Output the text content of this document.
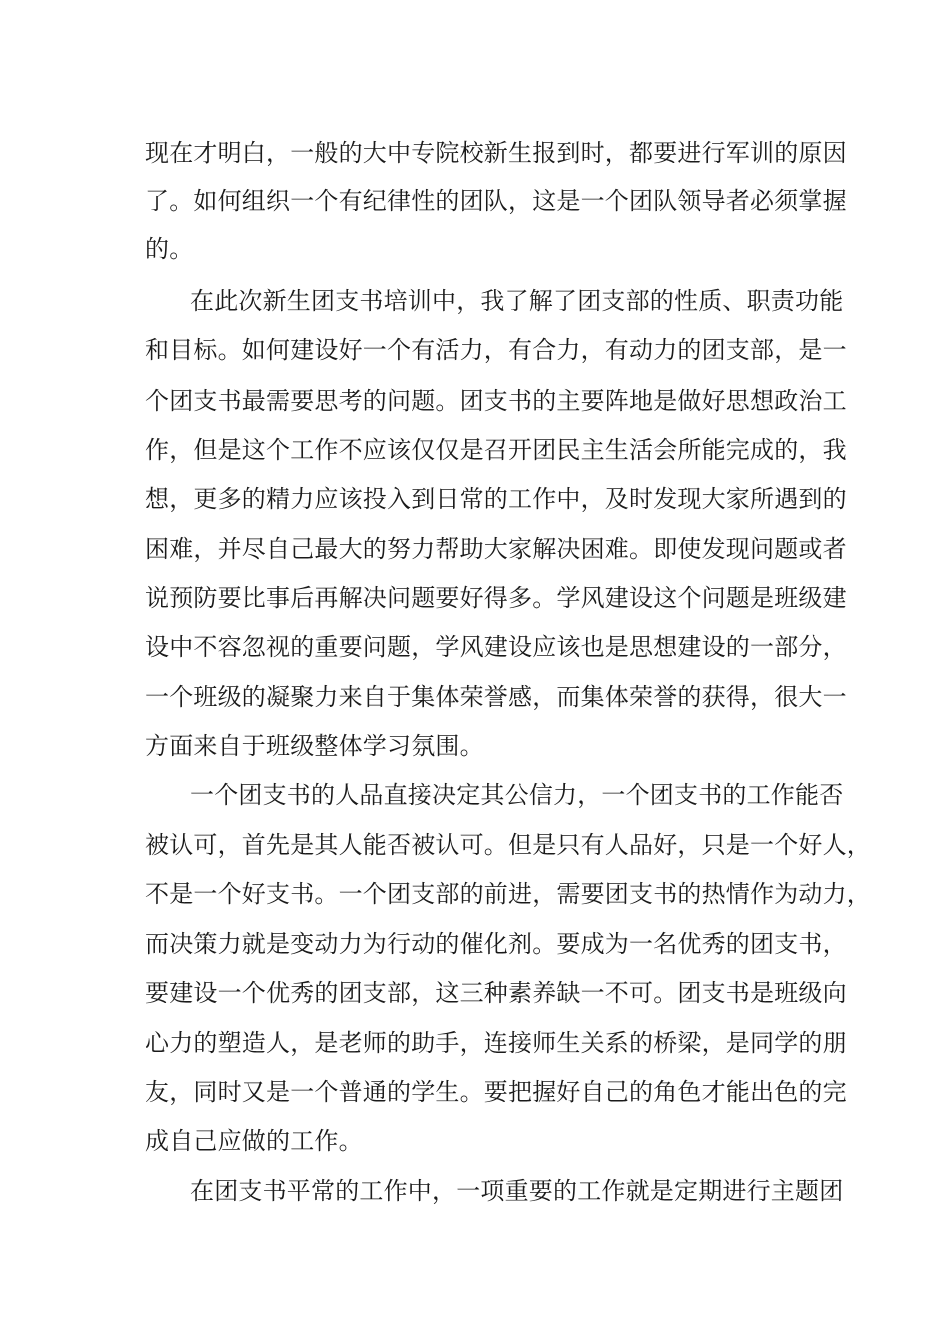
现在才明白，一般的大中专院校新生报到时，都要进行军训的原因
了。如何组织一个有纪律性的团队，这是一个团队领导者必须掌握
的。
在此次新生团支书培训中，我了解了团支部的性质、职责功能
和目标。如何建设好一个有活力，有合力，有动力的团支部，是一
个团支书最需要思考的问题。团支书的主要阵地是做好思想政治工
作，但是这个工作不应该仅仅是召开团民主生活会所能完成的，我
想，更多的精力应该投入到日常的工作中，及时发现大家所遇到的
困难，并尽自己最大的努力帮助大家解决困难。即使发现问题或者
说预防要比事后再解决问题要好得多。学风建设这个问题是班级建
设中不容忽视的重要问题，学风建设应该也是思想建设的一部分，
一个班级的凝聚力来自于集体荣誉感，而集体荣誉的获得，很大一
方面来自于班级整体学习氛围。
一个团支书的人品直接决定其公信力，一个团支书的工作能否
被认可，首先是其人能否被认可。但是只有人品好，只是一个好人，
不是一个好支书。一个团支部的前进，需要团支书的热情作为动力，
而决策力就是变动力为行动的催化剂。要成为一名优秀的团支书，
要建设一个优秀的团支部，这三种素养缺一不可。团支书是班级向
心力的塑造人，是老师的助手，连接师生关系的桥梁，是同学的朋
友，同时又是一个普通的学生。要把握好自己的角色才能出色的完
成自己应做的工作。
在团支书平常的工作中，一项重要的工作就是定期进行主题团
